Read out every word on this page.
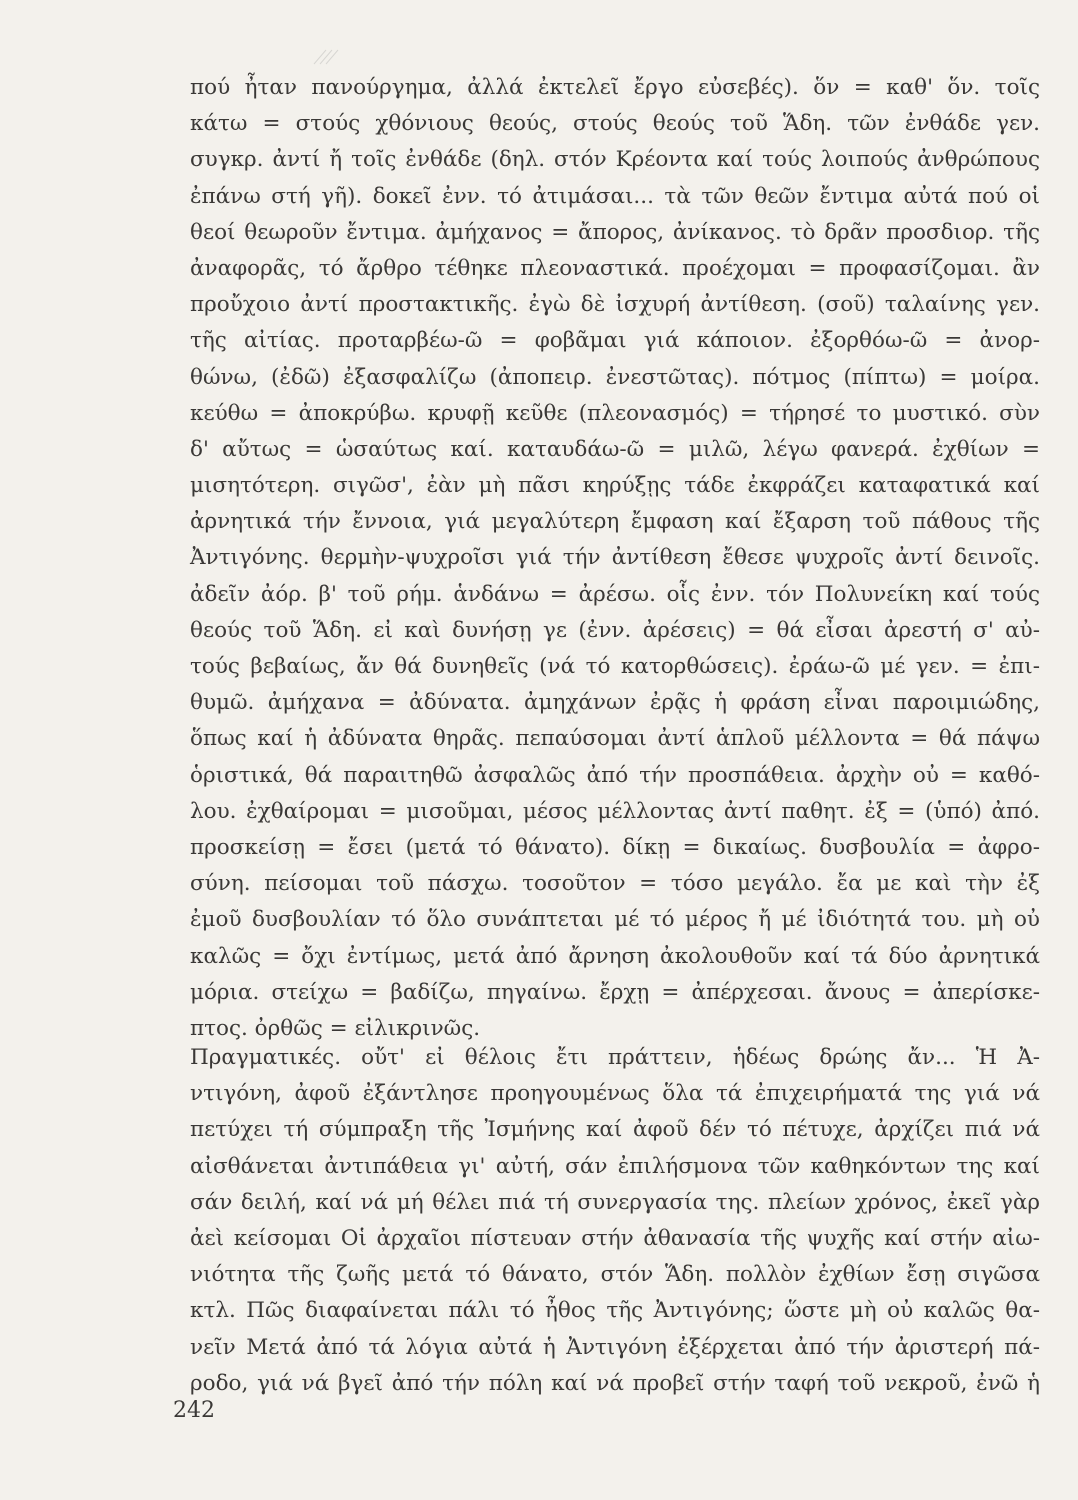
πού ἦταν πανούργημα, ἀλλά ἐκτελεῖ ἔργο εὐσεβές). ὅν = καθ' ὅν. τοῖς
κάτω = στούς χθόνιους θεούς, στούς θεούς τοῦ Ἅδη. τῶν ἐνθάδε γεν.
συγκρ. ἀντί ἤ τοῖς ἐνθάδε (δηλ. στόν Κρέοντα καί τούς λοιπούς ἀνθρώπους
ἐπάνω στή γῆ). δοκεῖ ἐνν. τό ἀτιμάσαι... τὰ τῶν θεῶν ἔντιμα αὐτά πού οἱ
θεοί θεωροῦν ἔντιμα. ἀμήχανος = ἄπορος, ἀνίκανος. τὸ δρᾶν προσδιορ. τῆς
ἀναφορᾶς, τό ἄρθρο τέθηκε πλεοναστικά. προέχομαι = προφασίζομαι. ἂν
προὔχοιο ἀντί προστακτικῆς. ἐγὼ δὲ ἰσχυρή ἀντίθεση. (σοῦ) ταλαίνης γεν.
τῆς αἰτίας. προταρβέω-ῶ = φοβᾶμαι γιά κάποιον. ἐξορθόω-ῶ = ἀνορ-
θώνω, (ἐδῶ) ἐξασφαλίζω (ἀποπειρ. ἐνεστῶτας). πότμος (πίπτω) = μοίρα.
κεύθω = ἀποκρύβω. κρυφῇ κεῦθε (πλεονασμός) = τήρησέ το μυστικό. σὺν
δ' αὔτως = ὡσαύτως καί. καταυδάω-ῶ = μιλῶ, λέγω φανερά. ἐχθίων =
μισητότερη. σιγῶσ', ἐὰν μὴ πᾶσι κηρύξῃς τάδε ἐκφράζει καταφατικά καί
ἀρνητικά τήν ἔννοια, γιά μεγαλύτερη ἔμφαση καί ἔξαρση τοῦ πάθους τῆς
Ἀντιγόνης. θερμὴν-ψυχροῖσι γιά τήν ἀντίθεση ἔθεσε ψυχροῖς ἀντί δεινοῖς.
ἀδεῖν ἀόρ. β' τοῦ ρήμ. ἁνδάνω = ἀρέσω. οἷς ἐνν. τόν Πολυνείκη καί τούς
θεούς τοῦ Ἅδη. εἰ καὶ δυνήσῃ γε (ἐνν. ἀρέσεις) = θά εἶσαι ἀρεστή σ' αὐ-
τούς βεβαίως, ἄν θά δυνηθεῖς (νά τό κατορθώσεις). ἐράω-ῶ μέ γεν. = ἐπι-
θυμῶ. ἀμήχανα = ἀδύνατα. ἀμηχάνων ἐρᾷς ἡ φράση εἶναι παροιμιώδης,
ὅπως καί ἡ ἀδύνατα θηρᾶς. πεπαύσομαι ἀντί ἁπλοῦ μέλλοντα = θά πάψω
ὁριστικά, θά παραιτηθῶ ἀσφαλῶς ἀπό τήν προσπάθεια. ἀρχὴν οὐ = καθό-
λου. ἐχθαίρομαι = μισοῦμαι, μέσος μέλλοντας ἀντί παθητ. ἐξ = (ὑπό) ἀπό.
προσκείσῃ = ἔσει (μετά τό θάνατο). δίκῃ = δικαίως. δυσβουλία = ἀφρο-
σύνη. πείσομαι τοῦ πάσχω. τοσοῦτον = τόσο μεγάλο. ἔα με καὶ τὴν ἐξ
ἐμοῦ δυσβουλίαν τό ὅλο συνάπτεται μέ τό μέρος ἤ μέ ἰδιότητά του. μὴ οὐ
καλῶς = ὄχι ἐντίμως, μετά ἀπό ἄρνηση ἀκολουθοῦν καί τά δύο ἀρνητικά
μόρια. στείχω = βαδίζω, πηγαίνω. ἔρχῃ = ἀπέρχεσαι. ἄνους = ἀπερίσκε-
πτος. ὀρθῶς = εἰλικρινῶς.
Πραγματικές. οὔτ' εἰ θέλοις ἔτι πράττειν, ἡδέως δρώης ἄν... Ἡ Ἀ-
ντιγόνη, ἀφοῦ ἐξάντλησε προηγουμένως ὅλα τά ἐπιχειρήματά της γιά νά
πετύχει τή σύμπραξη τῆς Ἰσμήνης καί ἀφοῦ δέν τό πέτυχε, ἀρχίζει πιά νά
αἰσθάνεται ἀντιπάθεια γι' αὐτή, σάν ἐπιλήσμονα τῶν καθηκόντων της καί
σάν δειλή, καί νά μή θέλει πιά τή συνεργασία της. πλείων χρόνος, ἐκεῖ γὰρ
ἀεὶ κείσομαι Οἱ ἀρχαῖοι πίστευαν στήν ἀθανασία τῆς ψυχῆς καί στήν αἰω-
νιότητα τῆς ζωῆς μετά τό θάνατο, στόν Ἅδη. πολλὸν ἐχθίων ἔσῃ σιγῶσα
κτλ. Πῶς διαφαίνεται πάλι τό ἦθος τῆς Ἀντιγόνης; ὥστε μὴ οὐ καλῶς θα-
νεῖν Μετά ἀπό τά λόγια αὐτά ἡ Ἀντιγόνη ἐξέρχεται ἀπό τήν ἀριστερή πά-
ροδο, γιά νά βγεῖ ἀπό τήν πόλη καί νά προβεῖ στήν ταφή τοῦ νεκροῦ, ἐνῶ ἡ
242
